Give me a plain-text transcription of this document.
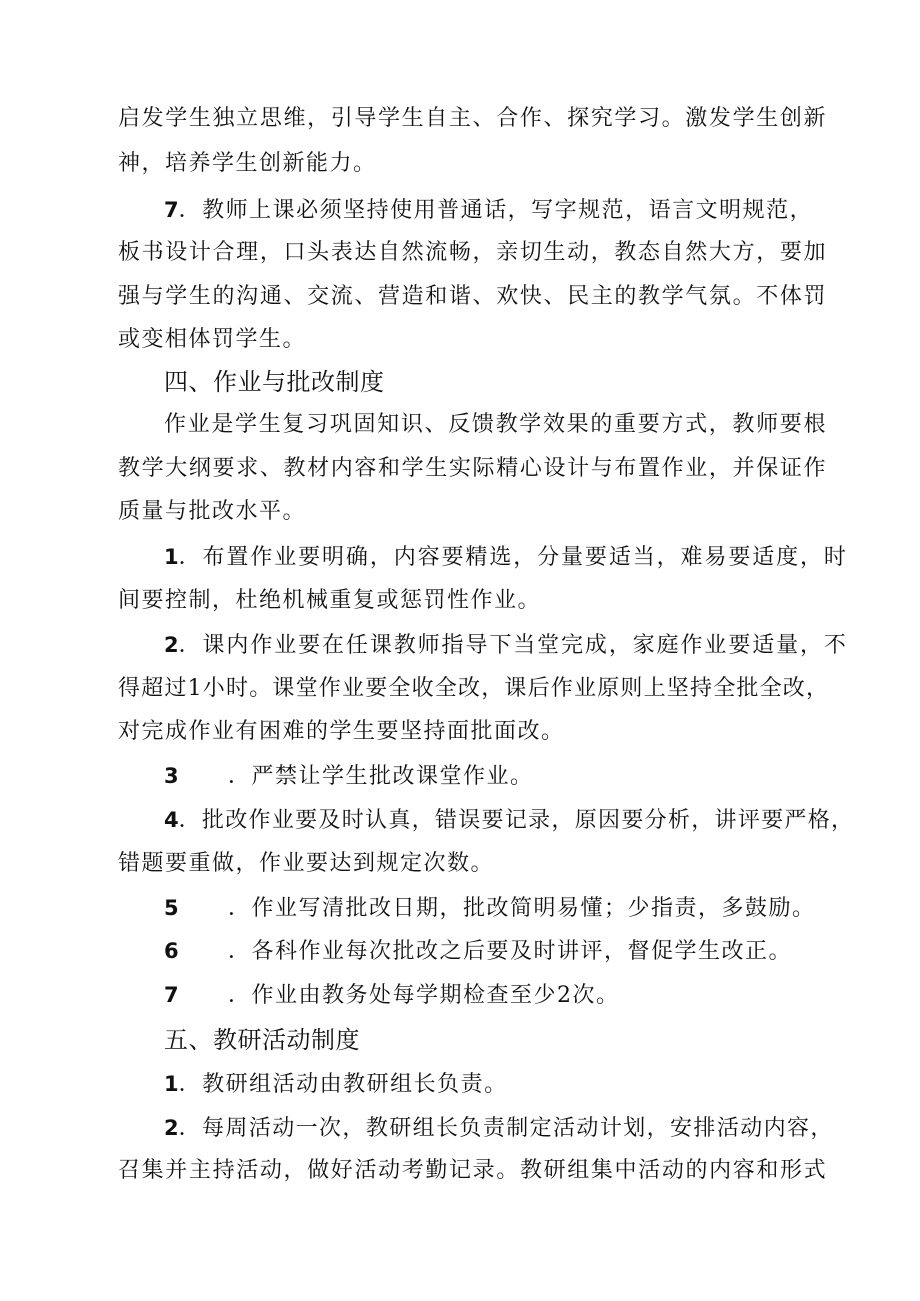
启发学生独立思维，引导学生自主、合作、探究学习。激发学生创新
神，培养学生创新能力。
7．教师上课必须坚持使用普通话，写字规范，语言文明规范，
板书设计合理，口头表达自然流畅，亲切生动，教态自然大方，要加
强与学生的沟通、交流、营造和谐、欢快、民主的教学气氛。不体罚
或变相体罚学生。
四、作业与批改制度
作业是学生复习巩固知识、反馈教学效果的重要方式，教师要根
教学大纲要求、教材内容和学生实际精心设计与布置作业，并保证作
质量与批改水平。
1．布置作业要明确，内容要精选，分量要适当，难易要适度，时
间要控制，杜绝机械重复或惩罚性作业。
2．课内作业要在任课教师指导下当堂完成，家庭作业要适量，不
得超过1小时。课堂作业要全收全改，课后作业原则上坚持全批全改，
对完成作业有困难的学生要坚持面批面改。
3 ．严禁让学生批改课堂作业。
4．批改作业要及时认真，错误要记录，原因要分析，讲评要严格，
错题要重做，作业要达到规定次数。
5 ．作业写清批改日期，批改简明易懂；少指责，多鼓励。
6 ．各科作业每次批改之后要及时讲评，督促学生改正。
7 ．作业由教务处每学期检查至少2次。
五、教研活动制度
1．教研组活动由教研组长负责。
2．每周活动一次，教研组长负责制定活动计划，安排活动内容，
召集并主持活动，做好活动考勤记录。教研组集中活动的内容和形式
